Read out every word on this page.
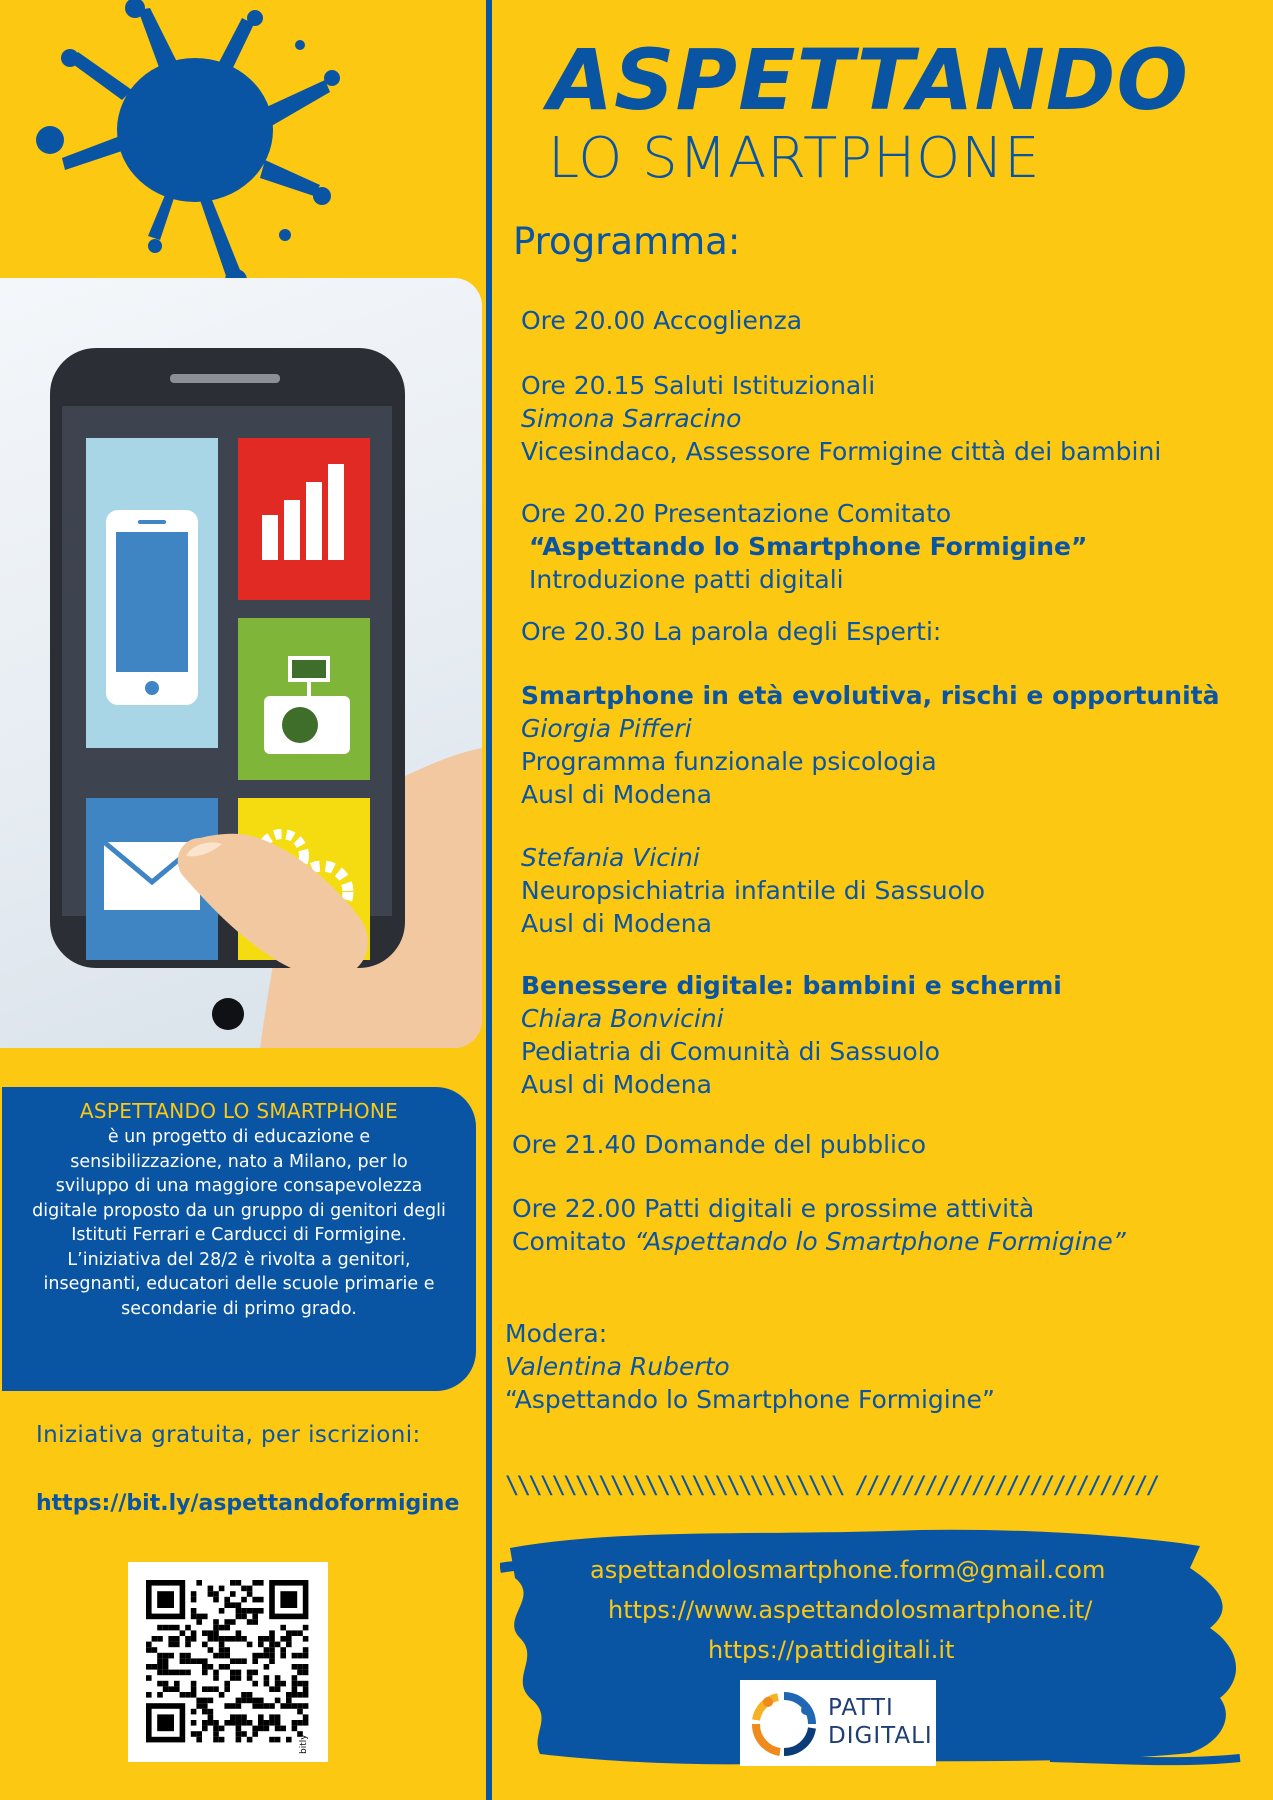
ASPETTANDO LO SMARTPHONE
è un progetto di educazione e sensibilizzazione, nato a Milano, per lo sviluppo di una maggiore consapevolezza digitale proposto da un gruppo di genitori degli Istituti Ferrari e Carducci di Formigine. L’iniziativa del 28/2 è rivolta a genitori, insegnanti, educatori delle scuole primarie e secondarie di primo grado.
Iniziativa gratuita, per iscrizioni:
https://bit.ly/aspettandoformigine
bitly
ASPETTANDO
LO SMARTPHONE
Programma:
Ore 20.00 Accoglienza
Ore 20.15 Saluti Istituzionali
Simona Sarracino
Vicesindaco, Assessore Formigine città dei bambini
Ore 20.20 Presentazione Comitato
“Aspettando lo Smartphone Formigine”
Introduzione patti digitali
Ore 20.30 La parola degli Esperti:
Smartphone in età evolutiva, rischi e opportunità
Giorgia Pifferi
Programma funzionale psicologia
Ausl di Modena
Stefania Vicini
Neuropsichiatria infantile di Sassuolo
Ausl di Modena
Benessere digitale: bambini e schermi
Chiara Bonvicini
Pediatria di Comunità di Sassuolo
Ausl di Modena
Ore 21.40 Domande del pubblico
Ore 22.00 Patti digitali e prossime attività
Comitato “Aspettando lo Smartphone Formigine”
Modera:
Valentina Ruberto
“Aspettando lo Smartphone Formigine”
\\\\\\\\\\\\\\\\\\\\\\\\\\\\\ //////////////////////////
aspettandolosmartphone.form@gmail.com
https://www.aspettandolosmartphone.it/
https://pattidigitali.it
PATTI
DIGITALI
